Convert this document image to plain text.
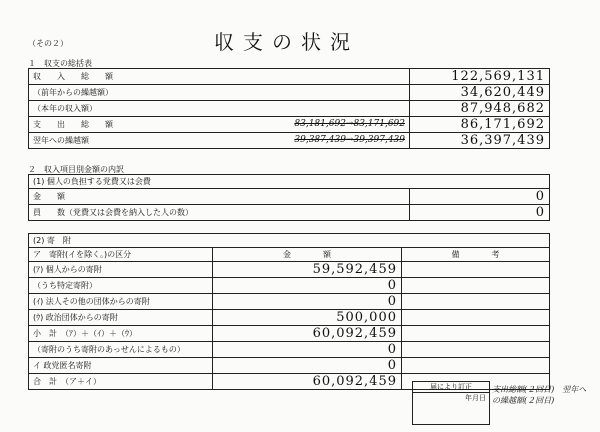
（その２）	収支の状況
１　収支の総括表
収　　入　　総　　額	122,569,131
（前年からの繰越額）	34,620,449
（本年の収入額）	87,948,682
支　　出　　総　　額 83,181,692→83,171,692	86,171,692
翌年への繰越額 39,387,439→39,397,439	36,397,439
２　収入項目別金額の内訳
(1) 個人の負担する党費又は会費	
金　　額	0
員　　数（党費又は会費を納入した人の数）	0
(2) 寄　附		
ア　寄附(イを除く。)の区分	金　　　　額	備　　　　考
(ｱ) 個人からの寄附	59,592,459	
（うち特定寄附）	0	
(ｲ) 法人その他の団体からの寄附	0	
(ｳ) 政治団体からの寄附	500,000	
小　計　（ｱ）＋（ｲ）＋（ｳ）	60,092,459	
（寄附のうち寄附のあっせんによるもの）	0	
イ 政党匿名寄附	0	
合　計　（ア＋イ）	60,092,459		届により訂正
年月日
支出総額(２回目)　翌年への繰越額(２回目)
